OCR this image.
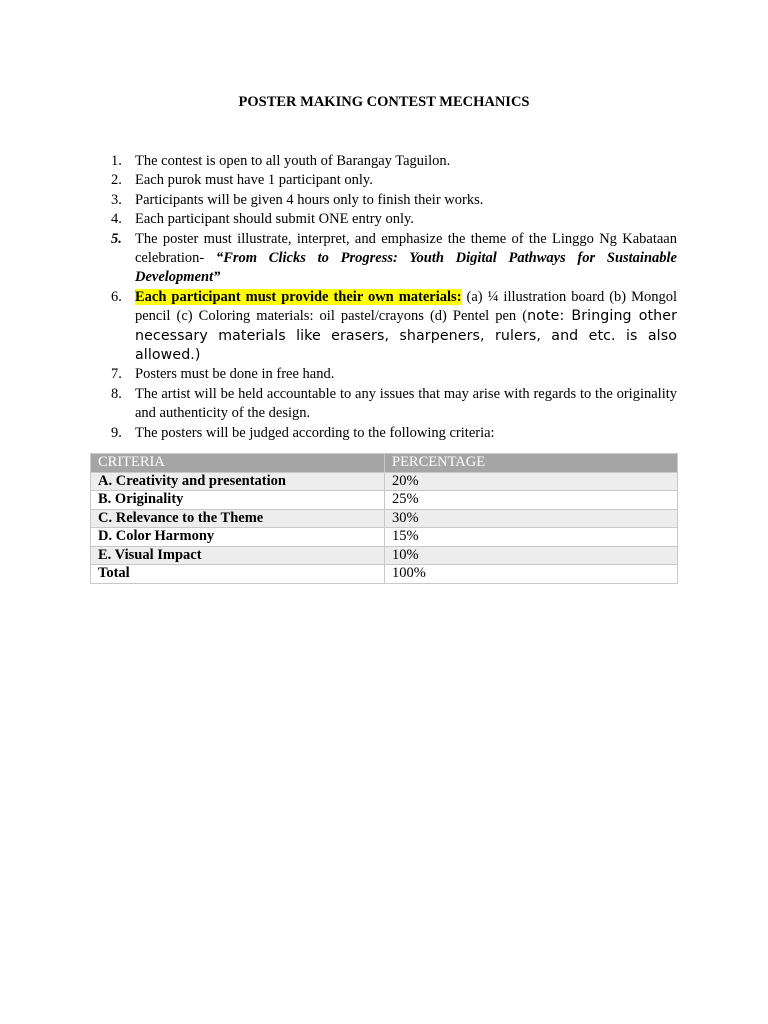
POSTER MAKING CONTEST MECHANICS
1. The contest is open to all youth of Barangay Taguilon.
2. Each purok must have 1 participant only.
3. Participants will be given 4 hours only to finish their works.
4. Each participant should submit ONE entry only.
5. The poster must illustrate, interpret, and emphasize the theme of the Linggo Ng Kabataan celebration- “From Clicks to Progress: Youth Digital Pathways for Sustainable Development”
6. Each participant must provide their own materials: (a) ¼ illustration board (b) Mongol pencil (c) Coloring materials: oil pastel/crayons (d) Pentel pen (note: Bringing other necessary materials like erasers, sharpeners, rulers, and etc. is also allowed.)
7. Posters must be done in free hand.
8. The artist will be held accountable to any issues that may arise with regards to the originality and authenticity of the design.
9. The posters will be judged according to the following criteria:
CRITERIA	PERCENTAGE
A. Creativity and presentation	20%
B. Originality	25%
C. Relevance to the Theme	30%
D. Color Harmony	15%
E. Visual Impact	10%
Total	100%
